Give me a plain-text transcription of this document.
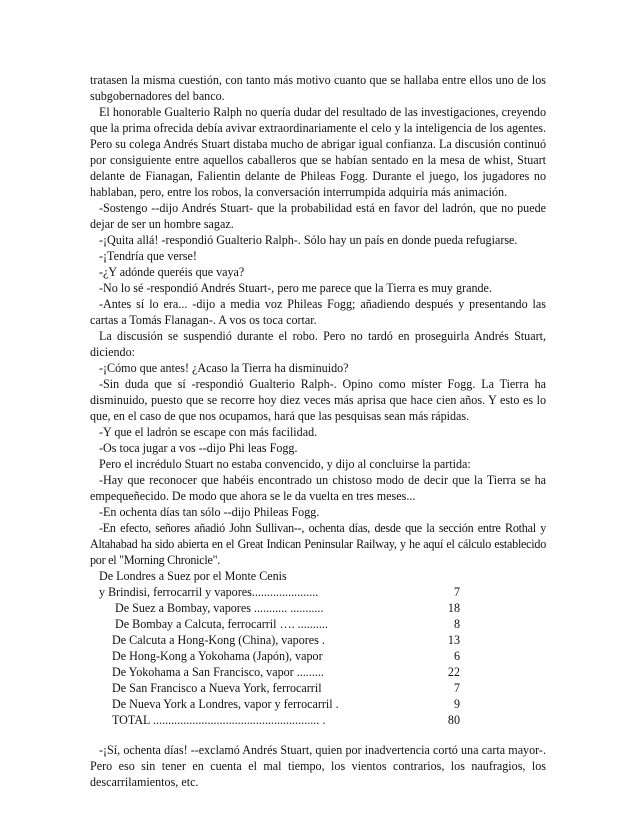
tratasen la misma cuestión, con tanto más motivo cuanto que se hallaba entre ellos uno de los subgobernadores del banco.

El honorable Gualterio Ralph no quería dudar del resultado de las investigaciones, creyendo que la prima ofrecida debía avivar extraordinariamente el celo y la inteligencia de los agentes. Pero su colega Andrés Stuart distaba mucho de abrigar igual confianza. La discusión continuó por consiguiente entre aquellos caballeros que se habían sentado en la mesa de whist, Stuart delante de Fianagan, Falientin delante de Phileas Fogg. Durante el juego, los jugadores no hablaban, pero, entre los robos, la conversación interrumpida adquiría más animación.

-Sostengo --dijo Andrés Stuart- que la probabilidad está en favor del ladrón, que no puede dejar de ser un hombre sagaz.

-¡Quita allá! -respondió Gualterio Ralph-. Sólo hay un país en donde pueda refugiarse.

-¡Tendría que verse!

-¿Y adónde queréis que vaya?

-No lo sé -respondió Andrés Stuart-, pero me parece que la Tierra es muy grande.

-Antes sí lo era... -dijo a media voz Phileas Fogg; añadiendo después y presentando las cartas a Tomás Flanagan-. A vos os toca cortar.

La discusión se suspendió durante el robo. Pero no tardó en proseguirla Andrés Stuart, diciendo:

-¡Cómo que antes! ¿Acaso la Tierra ha disminuido?

-Sin duda que sí -respondió Gualterio Ralph-. Opino como míster Fogg. La Tierra ha disminuido, puesto que se recorre hoy diez veces más aprisa que hace cien años. Y esto es lo que, en el caso de que nos ocupamos, hará que las pesquisas sean más rápidas.

-Y que el ladrón se escape con más facilidad.

-Os toca jugar a vos --dijo Phi leas Fogg.

Pero el incrédulo Stuart no estaba convencido, y dijo al concluirse la partida:

-Hay que reconocer que habéis encontrado un chistoso modo de decir que la Tierra se ha empequeñecido. De modo que ahora se le da vuelta en tres meses...

-En ochenta días tan sólo --dijo Phileas Fogg.

-En efecto, señores añadió John Sullivan--, ochenta días, desde que la sección entre Rothal y Altahabad ha sido abierta en el Great Indican Peninsular Railway, y he aquí el cálculo establecido por el "Morning Chronicle".

De Londres a Suez por el Monte Cenis

y Brindisi, ferrocarril y vapores......................	7
De Suez a Bombay, vapores ........... ...........	18
De Bombay a Calcuta, ferrocarril …. ..........	8
De Calcuta a Hong-Kong (China), vapores .	13
De Hong-Kong a Yokohama (Japón), vapor	6
De Yokohama a San Francisco, vapor .........	22
De San Francisco a Nueva York, ferrocarril	7
De Nueva York a Londres, vapor y ferrocarril .	9
TOTAL ....................................................... .	80

-¡Sí, ochenta días! --exclamó Andrés Stuart, quien por inadvertencia cortó una carta mayor-. Pero eso sin tener en cuenta el mal tiempo, los vientos contrarios, los naufragios, los descarrilamientos, etc.
